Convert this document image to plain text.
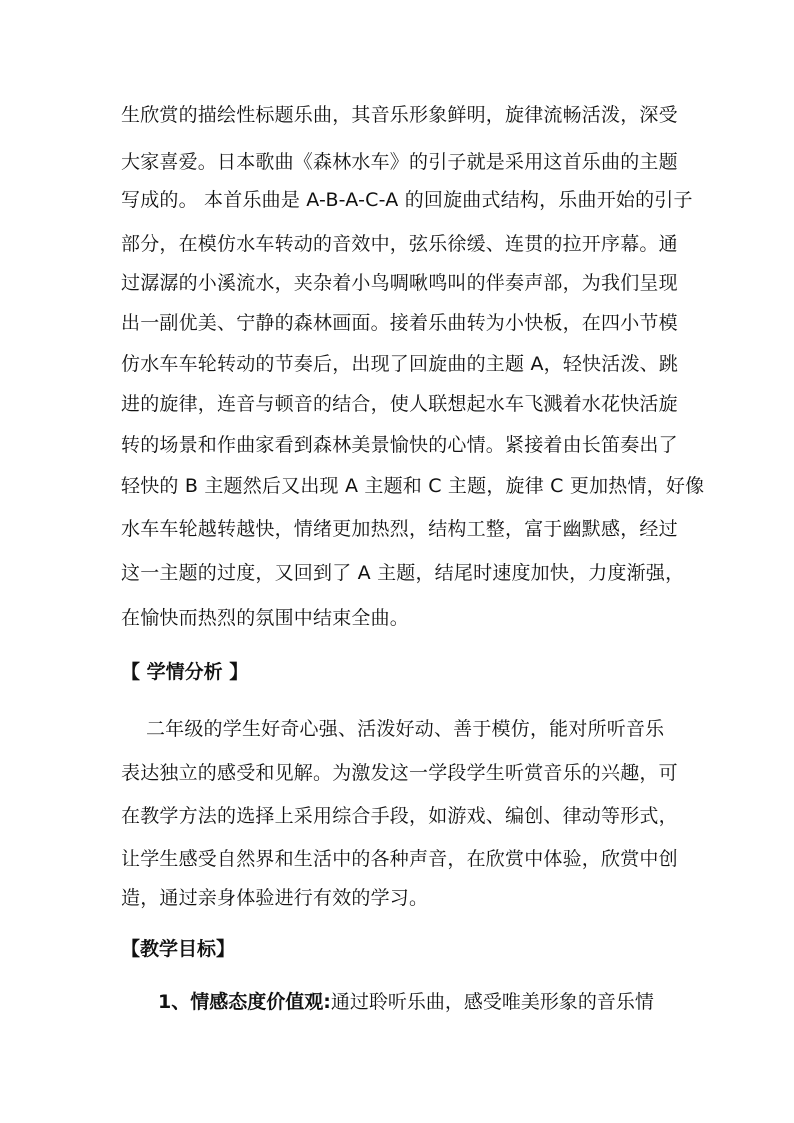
生欣赏的描绘性标题乐曲，其音乐形象鲜明，旋律流畅活泼，深受
大家喜爱。日本歌曲《森林水车》的引子就是采用这首乐曲的主题
写成的。 本首乐曲是 A-B-A-C-A 的回旋曲式结构，乐曲开始的引子
部分，在模仿水车转动的音效中，弦乐徐缓、连贯的拉开序幕。通
过潺潺的小溪流水，夹杂着小鸟啁啾鸣叫的伴奏声部，为我们呈现
出一副优美、宁静的森林画面。接着乐曲转为小快板，在四小节模
仿水车车轮转动的节奏后，出现了回旋曲的主题 A，轻快活泼、跳
进的旋律，连音与顿音的结合，使人联想起水车飞溅着水花快活旋
转的场景和作曲家看到森林美景愉快的心情。紧接着由长笛奏出了
轻快的 B 主题然后又出现 A 主题和 C 主题，旋律 C 更加热情，好像
水车车轮越转越快，情绪更加热烈，结构工整，富于幽默感，经过
这一主题的过度，又回到了 A 主题，结尾时速度加快，力度渐强，
在愉快而热烈的氛围中结束全曲。
【 学情分析 】
二年级的学生好奇心强、活泼好动、善于模仿，能对所听音乐
表达独立的感受和见解。为激发这一学段学生听赏音乐的兴趣，可
在教学方法的选择上采用综合手段，如游戏、编创、律动等形式，
让学生感受自然界和生活中的各种声音，在欣赏中体验，欣赏中创
造，通过亲身体验进行有效的学习。
【教学目标】
1、情感态度价值观:通过聆听乐曲，感受唯美形象的音乐情
